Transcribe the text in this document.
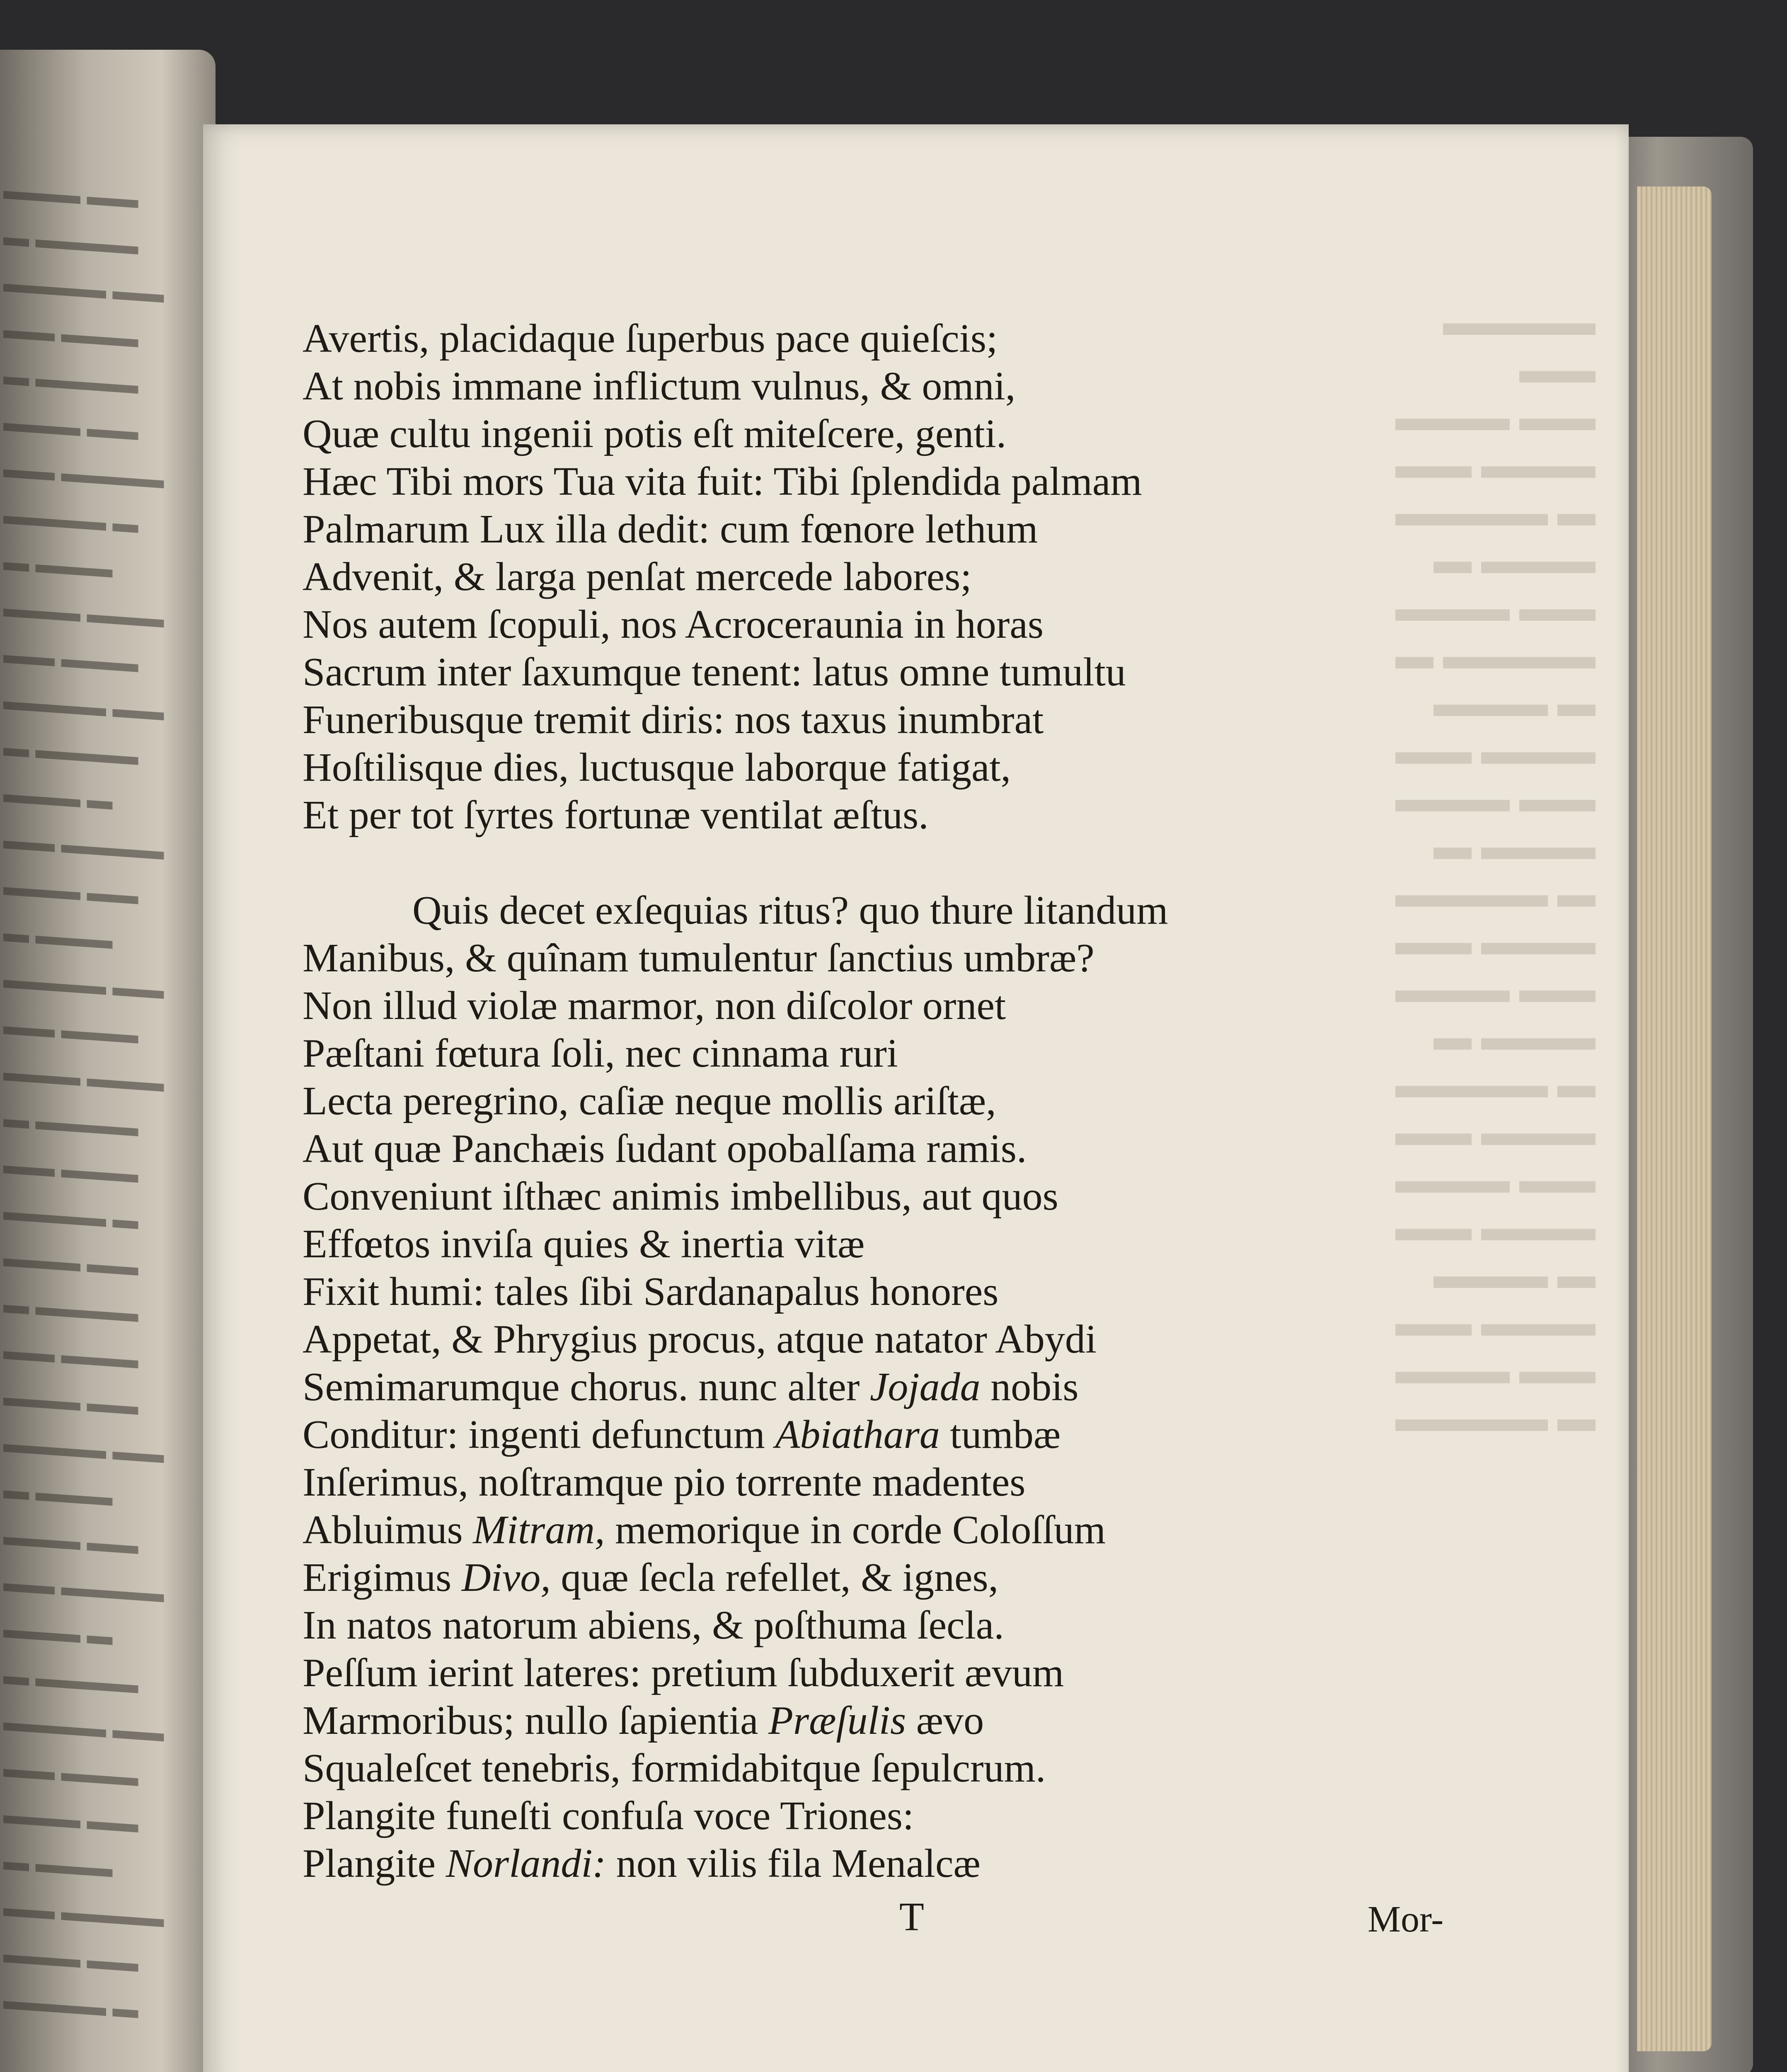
▬▬▬ ▬▬
▬ ▬▬▬▬
▬▬▬▬ ▬▬
▬▬ ▬▬▬
▬ ▬▬▬▬
▬▬▬ ▬▬
▬▬ ▬▬▬▬
▬▬▬▬ ▬
▬ ▬▬▬
▬▬▬ ▬▬▬
▬▬ ▬▬▬
▬▬▬▬ ▬▬
▬ ▬▬▬▬
▬▬▬ ▬
▬▬ ▬▬▬▬
▬▬▬ ▬▬
▬ ▬▬▬
▬▬▬▬ ▬▬
▬▬ ▬▬▬
▬▬▬ ▬▬▬
▬ ▬▬▬▬
▬▬ ▬▬▬
▬▬▬▬ ▬
▬▬▬ ▬▬
▬ ▬▬▬▬
▬▬ ▬▬▬
▬▬▬ ▬▬
▬▬▬▬ ▬▬
▬ ▬▬▬
▬▬▬ ▬▬
▬▬ ▬▬▬▬
▬▬▬ ▬
▬ ▬▬▬▬
▬▬▬▬ ▬▬
▬▬ ▬▬▬
▬▬▬ ▬▬
▬ ▬▬▬
▬▬ ▬▬▬▬
▬▬▬ ▬▬
▬▬▬▬ ▬
▬▬▬▬ ▬▬
▬▬ ▬▬▬
▬▬▬ ▬▬
▬ ▬▬▬▬
▬▬▬ ▬
▬▬ ▬▬▬
▬▬▬▬ ▬
▬ ▬▬▬
▬▬▬ ▬▬
▬▬ ▬▬▬
▬▬▬ ▬
▬ ▬▬▬▬
▬▬▬ ▬▬
▬▬ ▬▬▬
▬▬▬ ▬
▬ ▬▬▬▬
▬▬▬ ▬▬
▬▬ ▬▬▬
▬▬▬ ▬▬
▬ ▬▬▬
▬▬▬ ▬▬
▬▬ ▬▬▬
▬ ▬▬▬▬
Avertis, placidaque ſuperbus pace quieſcis;
At nobis immane inflictum vulnus, & omni,
Quæ cultu ingenii potis eſt miteſcere, genti.
Hæc Tibi mors Tua vita fuit: Tibi ſplendida palmam
Palmarum Lux illa dedit: cum fœnore lethum
Advenit, & larga penſat mercede labores;
Nos autem ſcopuli, nos Acroceraunia in horas
Sacrum inter ſaxumque tenent: latus omne tumultu
Funeribusque tremit diris: nos taxus inumbrat
Hoſtilisque dies, luctusque laborque fatigat,
Et per tot ſyrtes fortunæ ventilat æſtus.
Quis decet exſequias ritus? quo thure litandum
Manibus, & quînam tumulentur ſanctius umbræ?
Non illud violæ marmor, non diſcolor ornet
Pæſtani fœtura ſoli, nec cinnama ruri
Lecta peregrino, caſiæ neque mollis ariſtæ,
Aut quæ Panchæis ſudant opobalſama ramis.
Conveniunt iſthæc animis imbellibus, aut quos
Effœtos inviſa quies & inertia vitæ
Fixit humi: tales ſibi Sardanapalus honores
Appetat, & Phrygius procus, atque natator Abydi
Semimarumque chorus. nunc alter Jojada nobis
Conditur: ingenti defunctum Abiathara tumbæ
Inſerimus, noſtramque pio torrente madentes
Abluimus Mitram, memorique in corde Coloſſum
Erigimus Divo, quæ ſecla refellet, & ignes,
In natos natorum abiens, & poſthuma ſecla.
Peſſum ierint lateres: pretium ſubduxerit ævum
Marmoribus; nullo ſapientia Præſulis ævo
Squaleſcet tenebris, formidabitque ſepulcrum.
Plangite funeſti confuſa voce Triones:
Plangite Norlandi: non vilis fila Menalcæ
T	Mor-
